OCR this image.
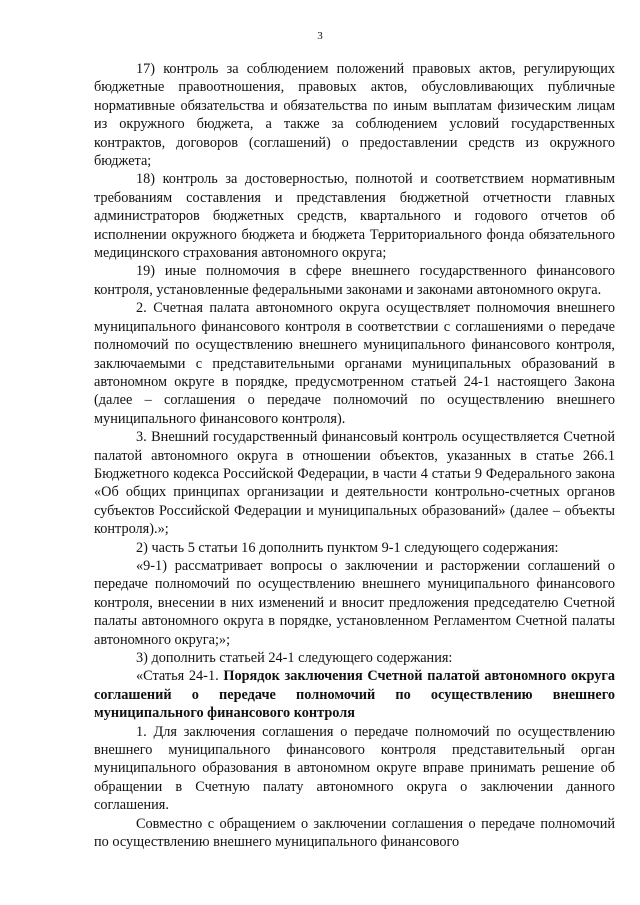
3

17) контроль за соблюдением положений правовых актов, регулирующих бюджетные правоотношения, правовых актов, обусловливающих публичные нормативные обязательства и обязательства по иным выплатам физическим лицам из окружного бюджета, а также за соблюдением условий государственных контрактов, договоров (соглашений) о предоставлении средств из окружного бюджета;

18) контроль за достоверностью, полнотой и соответствием нормативным требованиям составления и представления бюджетной отчетности главных администраторов бюджетных средств, квартального и годового отчетов об исполнении окружного бюджета и бюджета Территориального фонда обязательного медицинского страхования автономного округа;

19) иные полномочия в сфере внешнего государственного финансового контроля, установленные федеральными законами и законами автономного округа.

2. Счетная палата автономного округа осуществляет полномочия внешнего муниципального финансового контроля в соответствии с соглашениями о передаче полномочий по осуществлению внешнего муниципального финансового контроля, заключаемыми с представительными органами муниципальных образований в автономном округе в порядке, предусмотренном статьей 24-1 настоящего Закона (далее – соглашения о передаче полномочий по осуществлению внешнего муниципального финансового контроля).

3. Внешний государственный финансовый контроль осуществляется Счетной палатой автономного округа в отношении объектов, указанных в статье 266.1 Бюджетного кодекса Российской Федерации, в части 4 статьи 9 Федерального закона «Об общих принципах организации и деятельности контрольно-счетных органов субъектов Российской Федерации и муниципальных образований» (далее – объекты контроля).»;

2) часть 5 статьи 16 дополнить пунктом 9-1 следующего содержания:

«9-1) рассматривает вопросы о заключении и расторжении соглашений о передаче полномочий по осуществлению внешнего муниципального финансового контроля, внесении в них изменений и вносит предложения председателю Счетной палаты автономного округа в порядке, установленном Регламентом Счетной палаты автономного округа;»;

3) дополнить статьей 24-1 следующего содержания:

«Статья 24-1. Порядок заключения Счетной палатой автономного округа соглашений о передаче полномочий по осуществлению внешнего муниципального финансового контроля

1. Для заключения соглашения о передаче полномочий по осуществлению внешнего муниципального финансового контроля представительный орган муниципального образования в автономном округе вправе принимать решение об обращении в Счетную палату автономного округа о заключении данного соглашения.

Совместно с обращением о заключении соглашения о передаче полномочий по осуществлению внешнего муниципального финансового
